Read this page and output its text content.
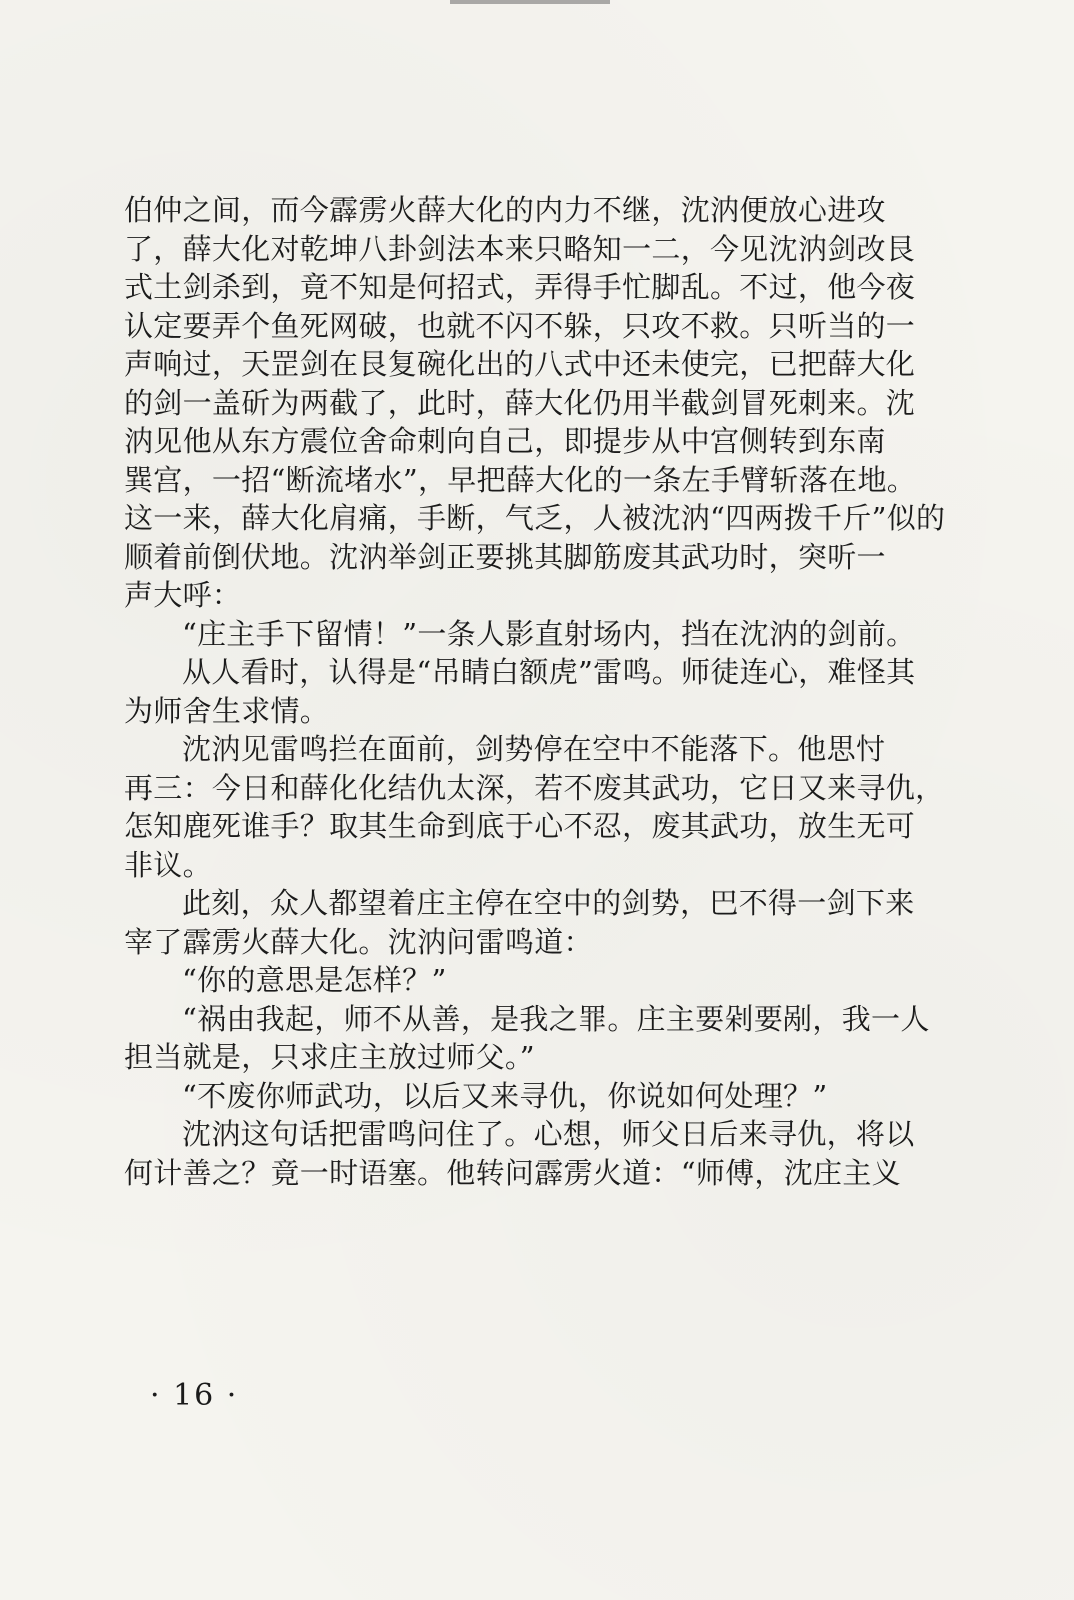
伯仲之间，而今霹雳火薛大化的内力不继，沈汭便放心进攻
了，薛大化对乾坤八卦剑法本来只略知一二，今见沈汭剑改艮
式土剑杀到，竟不知是何招式，弄得手忙脚乱。不过，他今夜
认定要弄个鱼死网破，也就不闪不躲，只攻不救。只听当的一
声响过，天罡剑在艮复碗化出的八式中还未使完，已把薛大化
的剑一盖斫为两截了，此时，薛大化仍用半截剑冒死刺来。沈
汭见他从东方震位舍命刺向自己，即提步从中宫侧转到东南
巽宫，一招“断流堵水”，早把薛大化的一条左手臂斩落在地。
这一来，薛大化肩痛，手断，气乏，人被沈汭“四两拨千斤”似的
顺着前倒伏地。沈汭举剑正要挑其脚筋废其武功时，突听一
声大呼：
“庄主手下留情！”一条人影直射场内，挡在沈汭的剑前。
从人看时，认得是“吊睛白额虎”雷鸣。师徒连心，难怪其
为师舍生求情。
沈汭见雷鸣拦在面前，剑势停在空中不能落下。他思忖
再三：今日和薛化化结仇太深，若不废其武功，它日又来寻仇，
怎知鹿死谁手？取其生命到底于心不忍，废其武功，放生无可
非议。
此刻，众人都望着庄主停在空中的剑势，巴不得一剑下来
宰了霹雳火薛大化。沈汭问雷鸣道：
“你的意思是怎样？”
“祸由我起，师不从善，是我之罪。庄主要剁要剐，我一人
担当就是，只求庄主放过师父。”
“不废你师武功，以后又来寻仇，你说如何处理？”
沈汭这句话把雷鸣问住了。心想，师父日后来寻仇，将以
何计善之？竟一时语塞。他转问霹雳火道：“师傅，沈庄主义
· 16 ·
